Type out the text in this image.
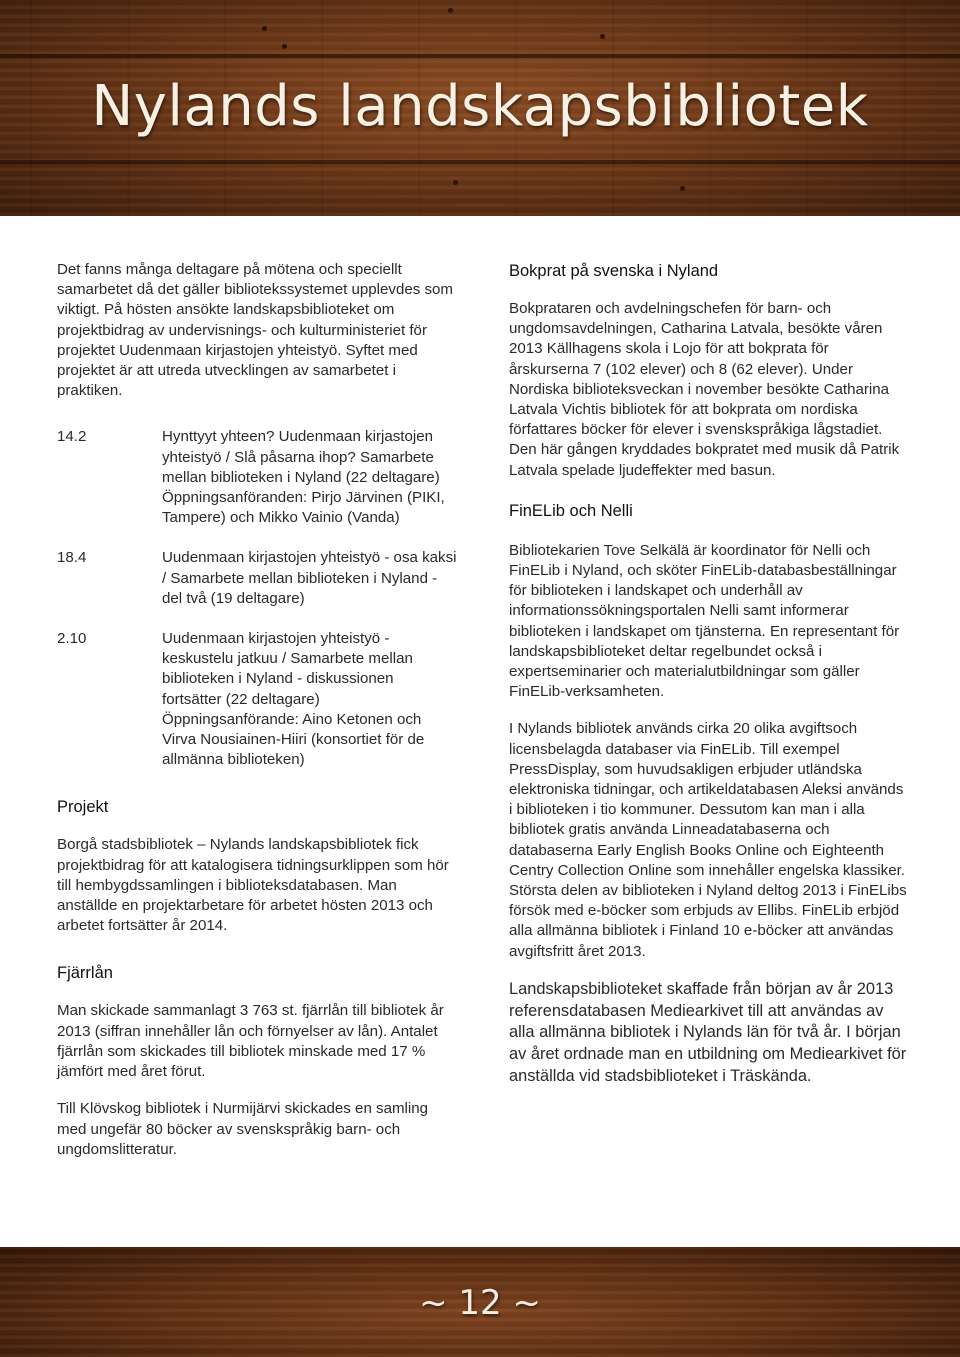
Nylands landskapsbibliotek

Det fanns många deltagare på mötena och speciellt samarbetet då det gäller bibliotekssystemet upplevdes som viktigt. På hösten ansökte landskapsbiblioteket om projektbidrag av undervisnings- och kulturministeriet för projektet Uudenmaan kirjastojen yhteistyö. Syftet med projektet är att utreda utvecklingen av samarbetet i praktiken.

14.2	Hynttyyt yhteen? Uudenmaan kirjastojen yhteistyö / Slå påsarna ihop? Samarbete mellan biblioteken i Nyland (22 deltagare) Öppningsanföranden: Pirjo Järvinen (PIKI, Tampere) och Mikko Vainio (Vanda)
18.4	Uudenmaan kirjastojen yhteistyö - osa kaksi / Samarbete mellan biblioteken i Nyland - del två (19 deltagare)
2.10	Uudenmaan kirjastojen yhteistyö - keskustelu jatkuu / Samarbete mellan biblioteken i Nyland - diskussionen fortsätter (22 deltagare) Öppningsanförande: Aino Ketonen och Virva Nousiainen-Hiiri (konsortiet för de allmänna biblioteken)

Projekt

Borgå stadsbibliotek – Nylands landskapsbibliotek fick projektbidrag för att katalogisera tidningsurklippen som hör till hembygdssamlingen i biblioteksdatabasen. Man anställde en projektarbetare för arbetet hösten 2013 och arbetet fortsätter år 2014.

Fjärrlån

Man skickade sammanlagt 3 763 st. fjärrlån till bibliotek år 2013 (siffran innehåller lån och förnyelser av lån). Antalet fjärrlån som skickades till bibliotek minskade med 17 % jämfört med året förut.

Till Klövskog bibliotek i Nurmijärvi skickades en samling med ungefär 80 böcker av svenskspråkig barn- och ungdomslitteratur.

Bokprat på svenska i Nyland

Bokprataren och avdelningschefen för barn- och ungdomsavdelningen, Catharina Latvala, besökte våren 2013 Källhagens skola i Lojo för att bokprata för årskurserna 7 (102 elever) och 8 (62 elever). Under Nordiska biblioteksveckan i november besökte Catharina Latvala Vichtis bibliotek för att bokprata om nordiska författares böcker för elever i svenskspråkiga lågstadiet. Den här gången kryddades bokpratet med musik då Patrik Latvala spelade ljudeffekter med basun.

FinELib och Nelli

Bibliotekarien Tove Selkälä är koordinator för Nelli och FinELib i Nyland, och sköter FinELib-databasbeställningar för biblioteken i landskapet och underhåll av informationssökningsportalen Nelli samt informerar biblioteken i landskapet om tjänsterna. En representant för landskapsbiblioteket deltar regelbundet också i expertseminarier och materialutbildningar som gäller FinELib-verksamheten.

I Nylands bibliotek används cirka 20 olika avgiftsoch licensbelagda databaser via FinELib. Till exempel PressDisplay, som huvudsakligen erbjuder utländska elektroniska tidningar, och artikeldatabasen Aleksi används i biblioteken i tio kommuner. Dessutom kan man i alla bibliotek gratis använda Linneadatabaserna och databaserna Early English Books Online och Eighteenth Centry Collection Online som innehåller engelska klassiker. Största delen av biblioteken i Nyland deltog 2013 i FinELibs försök med e-böcker som erbjuds av Ellibs. FinELib erbjöd alla allmänna bibliotek i Finland 10 e-böcker att användas avgiftsfritt året 2013.

Landskapsbiblioteket skaffade från början av år 2013 referensdatabasen Mediearkivet till att användas av alla allmänna bibliotek i Nylands län för två år. I början av året ordnade man en utbildning om Mediearkivet för anställda vid stadsbiblioteket i Träskända.

~ 12 ~
